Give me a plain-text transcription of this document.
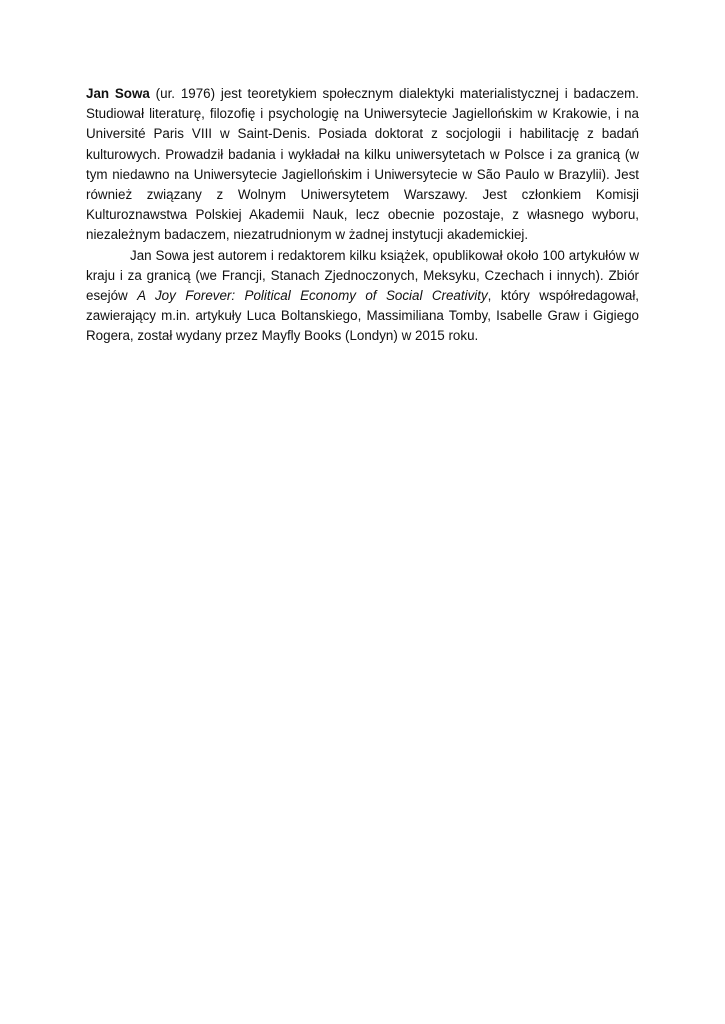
Jan Sowa (ur. 1976) jest teoretykiem społecznym dialektyki materialistycznej i badaczem. Studiował literaturę, filozofię i psychologię na Uniwersytecie Jagiellońskim w Krakowie, i na Université Paris VIII w Saint-Denis. Posiada doktorat z socjologii i habilitację z badań kulturowych. Prowadził badania i wykładał na kilku uniwersytetach w Polsce i za granicą (w tym niedawno na Uniwersytecie Jagiellońskim i Uniwersytecie w São Paulo w Brazylii). Jest również związany z Wolnym Uniwersytetem Warszawy. Jest członkiem Komisji Kulturoznawstwa Polskiej Akademii Nauk, lecz obecnie pozostaje, z własnego wyboru, niezależnym badaczem, niezatrudnionym w żadnej instytucji akademickiej.

Jan Sowa jest autorem i redaktorem kilku książek, opublikował około 100 artykułów w kraju i za granicą (we Francji, Stanach Zjednoczonych, Meksyku, Czechach i innych). Zbiór esejów A Joy Forever: Political Economy of Social Creativity, który współredagował, zawierający m.in. artykuły Luca Boltanskiego, Massimiliana Tomby, Isabelle Graw i Gigiego Rogera, został wydany przez Mayfly Books (Londyn) w 2015 roku.
